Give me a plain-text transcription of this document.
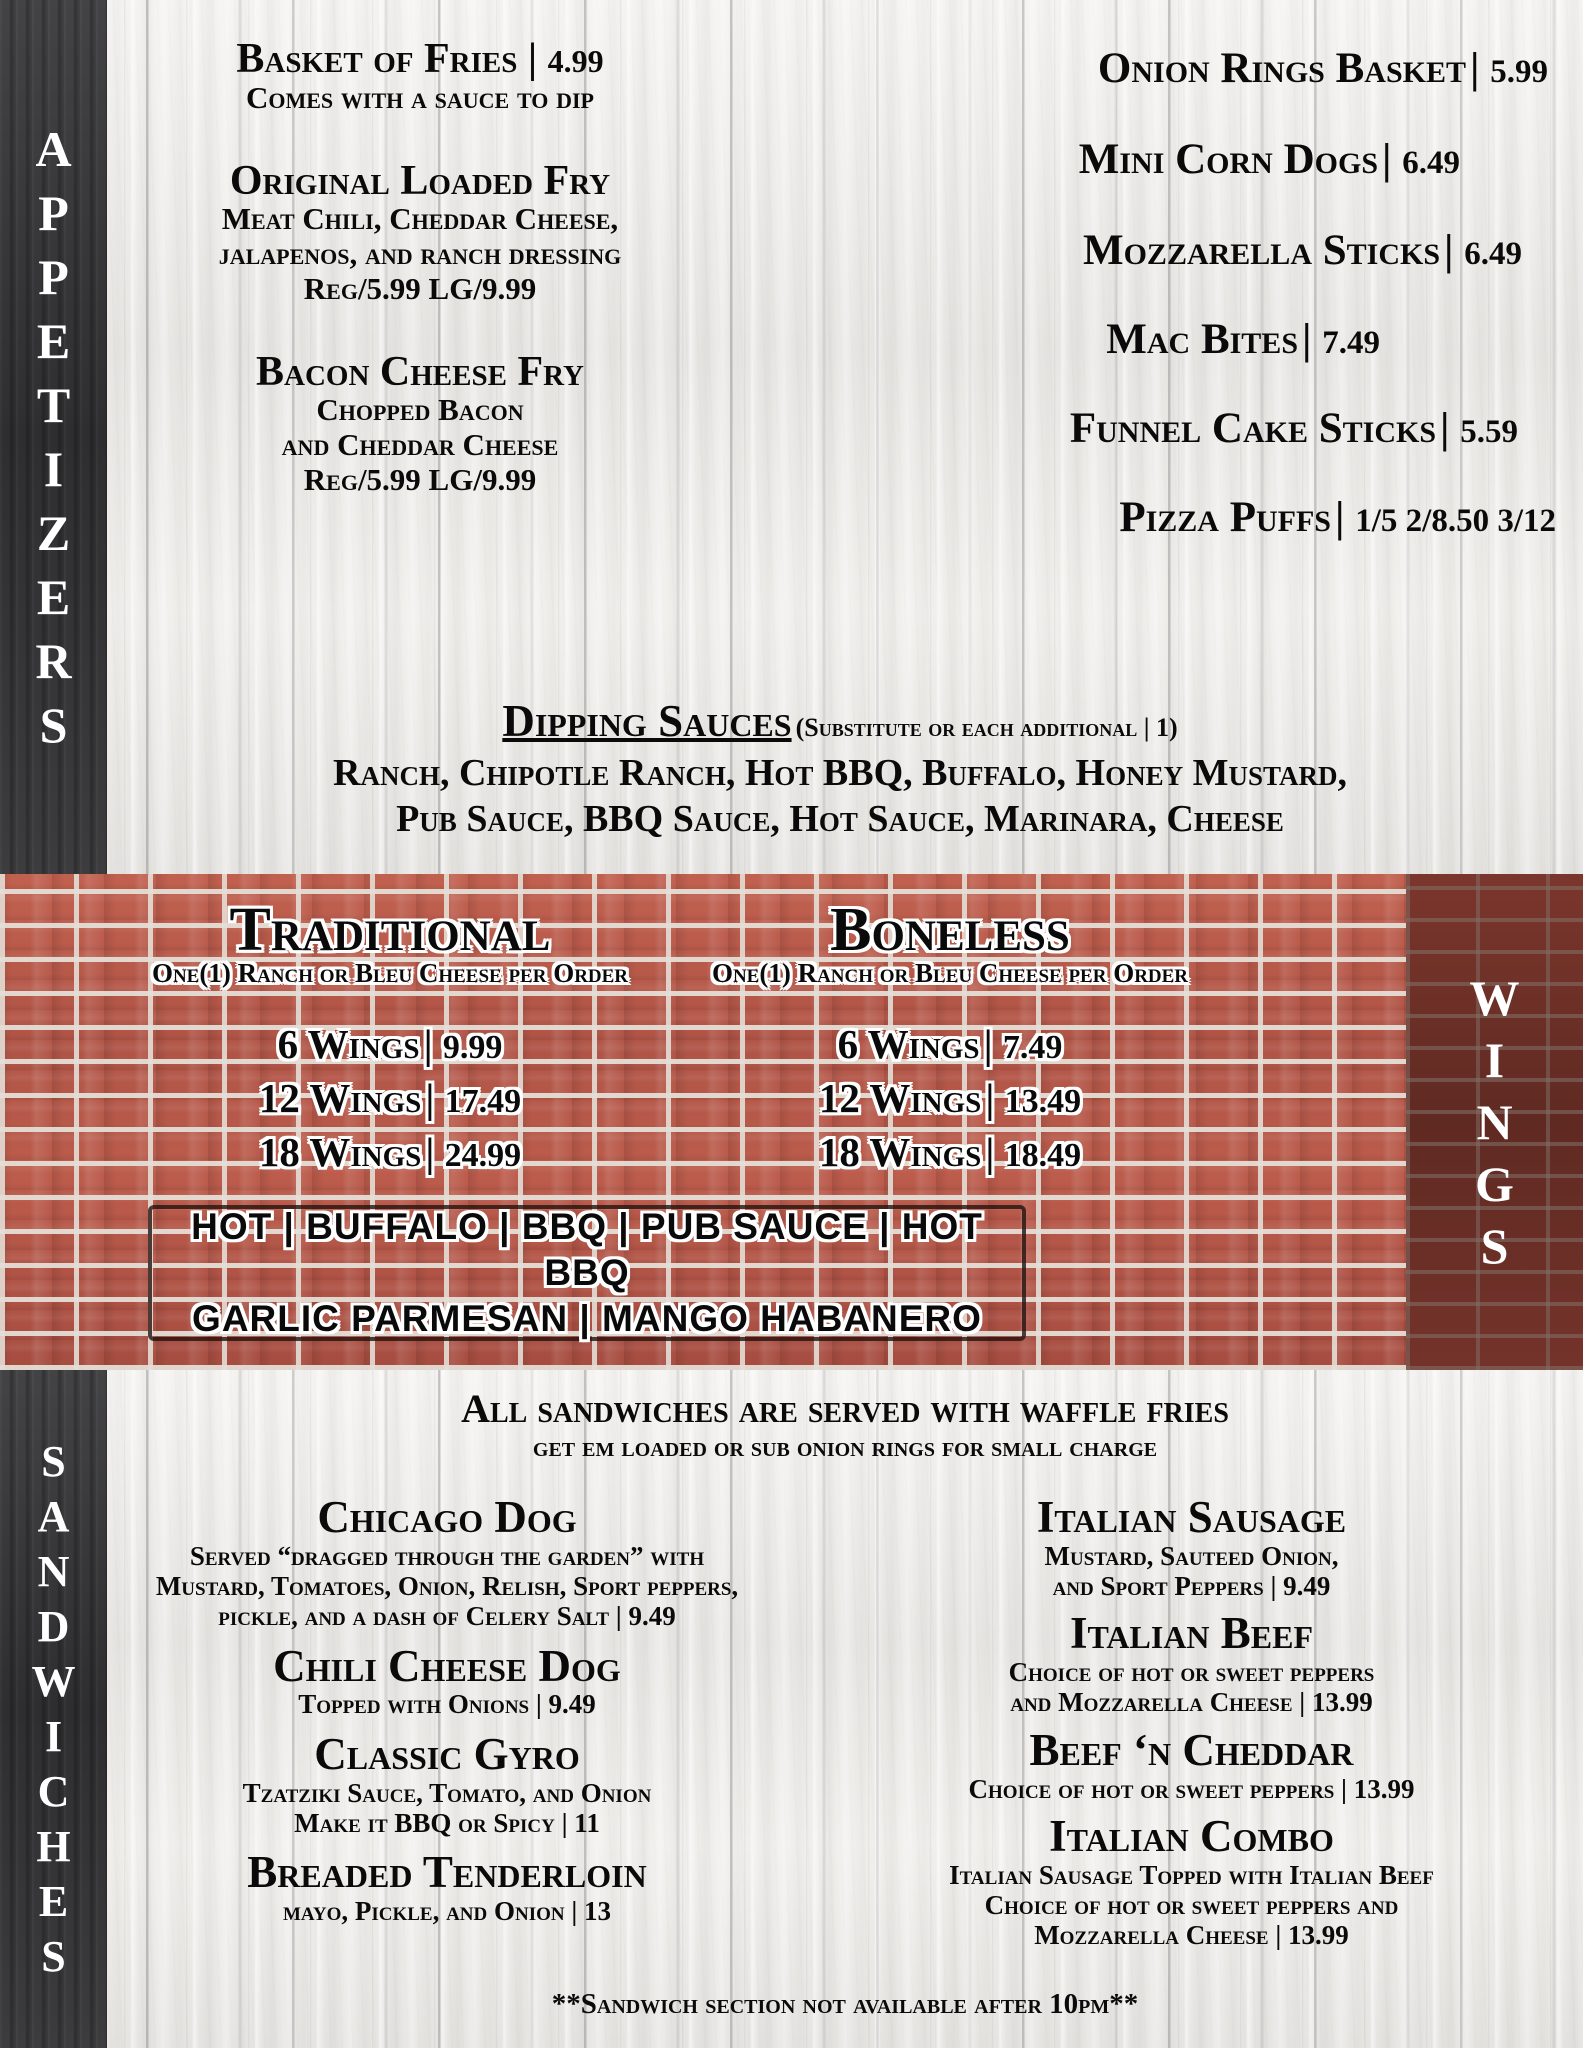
A
P
P
E
T
I
Z
E
R
S
Basket of Fries | 4.99
Comes with a sauce to dip
Original Loaded Fry
Meat Chili, Cheddar Cheese,
jalapenos, and ranch dressing
Reg/5.99 LG/9.99
Bacon Cheese Fry
Chopped Bacon
and Cheddar Cheese
Reg/5.99 LG/9.99
Onion Rings Basket | 5.99
Mini Corn Dogs | 6.49
Mozzarella Sticks | 6.49
Mac Bites | 7.49
Funnel Cake Sticks | 5.59
Pizza Puffs | 1/5 2/8.50 3/12
Dipping Sauces (Substitute or each additional | 1)
Ranch, Chipotle Ranch, Hot BBQ, Buffalo, Honey Mustard,
Pub Sauce, BBQ Sauce, Hot Sauce, Marinara, Cheese
W
I
N
G
S
Traditional
One(1) Ranch or Bleu Cheese per Order
6 Wings | 9.99
12 Wings | 17.49
18 Wings | 24.99
Boneless
One(1) Ranch or Bleu Cheese per Order
6 Wings | 7.49
12 Wings | 13.49
18 Wings | 18.49
HOT | BUFFALO | BBQ | PUB SAUCE | HOT BBQ
GARLIC PARMESAN | MANGO HABANERO
S
A
N
D
W
I
C
H
E
S
All sandwiches are served with waffle fries
get em loaded or sub onion rings for small charge
Chicago Dog
Served “dragged through the garden” with
Mustard, Tomatoes, Onion, Relish, Sport peppers,
pickle, and a dash of Celery Salt | 9.49
Chili Cheese Dog
Topped with Onions | 9.49
Classic Gyro
Tzatziki Sauce, Tomato, and Onion
Make it BBQ or Spicy | 11
Breaded Tenderloin
mayo, Pickle, and Onion | 13
Italian Sausage
Mustard, Sauteed Onion,
and Sport Peppers | 9.49
Italian Beef
Choice of hot or sweet peppers
and Mozzarella Cheese | 13.99
Beef ‘n Cheddar
Choice of hot or sweet peppers | 13.99
Italian Combo
Italian Sausage Topped with Italian Beef
Choice of hot or sweet peppers and
Mozzarella Cheese | 13.99
**Sandwich section not available after 10pm**
